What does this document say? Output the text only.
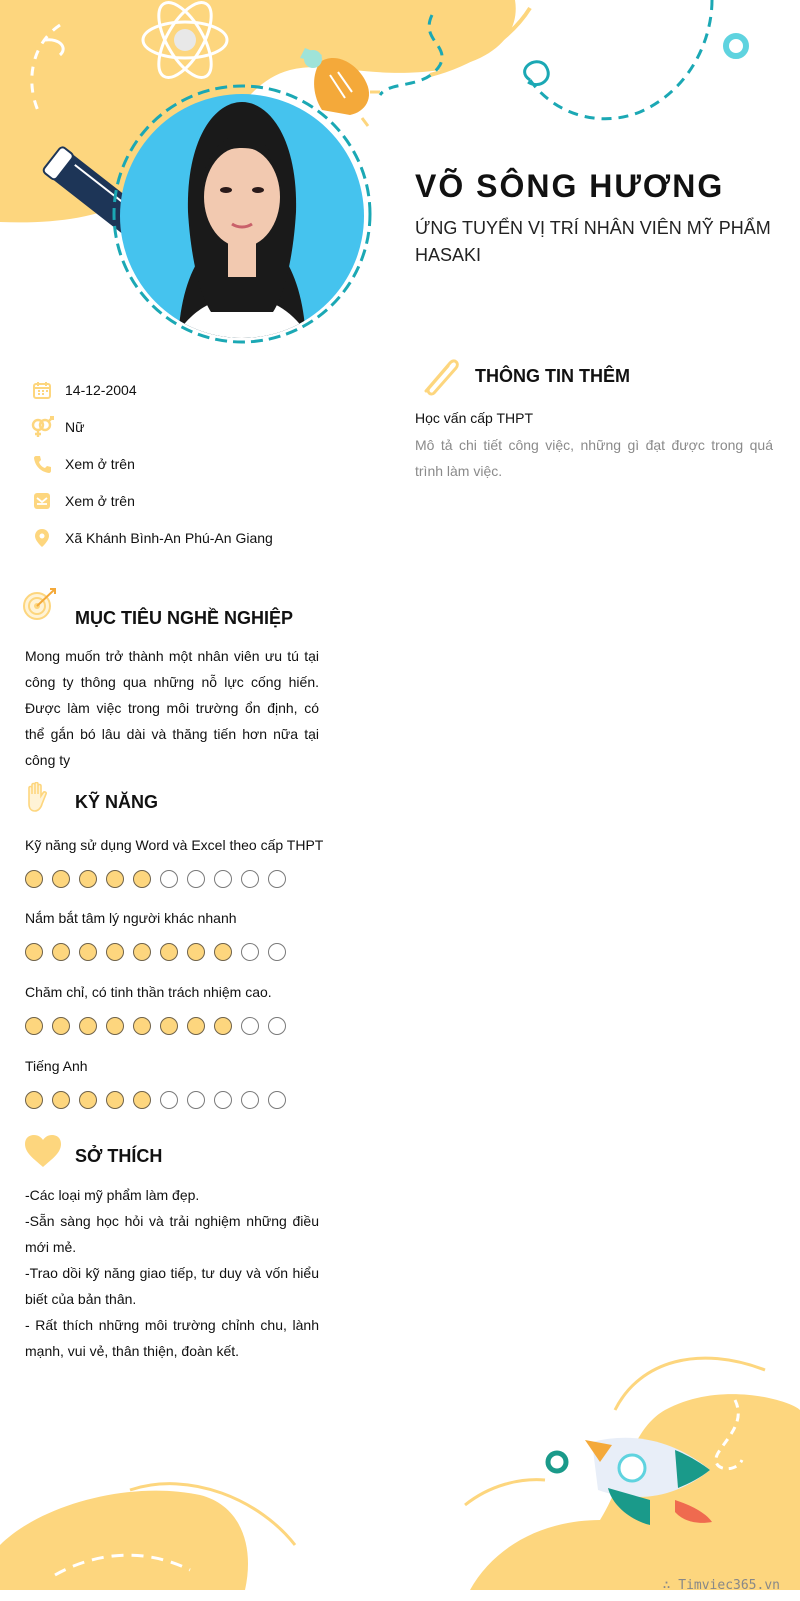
VÕ SÔNG HƯƠNG
ỨNG TUYỂN VỊ TRÍ NHÂN VIÊN MỸ PHẨM HASAKI
14-12-2004
Nữ
Xem ở trên
Xem ở trên
Xã Khánh Bình-An Phú-An Giang
MỤC TIÊU NGHỀ NGHIỆP
Mong muốn trở thành một nhân viên ưu tú tại công ty thông qua những nỗ lực cống hiến. Được làm việc trong môi trường ổn định, có thể gắn bó lâu dài và thăng tiến hơn nữa tại công ty
KỸ NĂNG
Kỹ năng sử dụng Word và Excel theo cấp THPT
Nắm bắt tâm lý người khác nhanh
Chăm chỉ, có tinh thần trách nhiệm cao.
Tiếng Anh
SỞ THÍCH
-Các loại mỹ phẩm làm đẹp.
-Sẵn sàng học hỏi và trải nghiệm những điều mới mẻ.
-Trao dồi kỹ năng giao tiếp, tư duy và vốn hiểu biết của bản thân.
- Rất thích những môi trường chỉnh chu, lành mạnh, vui vẻ, thân thiện, đoàn kết.
THÔNG TIN THÊM
Học vấn cấp THPT
Mô tả chi tiết công việc, những gì đạt được trong quá trình làm việc.
∴ Timviec365.vn
